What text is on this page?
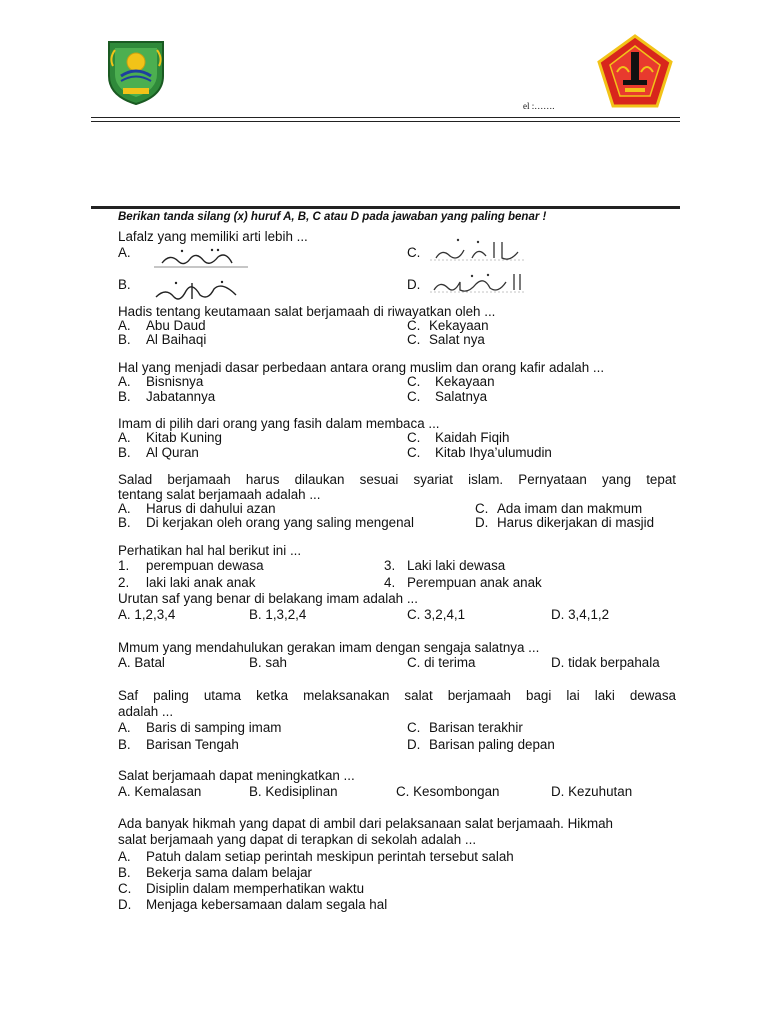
el :…….
Berikan tanda silang (x) huruf A, B, C atau D pada jawaban yang paling benar !
Lafalz yang memiliki arti lebih ...
A.
B.
C.
D.
Hadis tentang keutamaan salat berjamaah di riwayatkan oleh ...
A. Abu Daud
B. Al Baihaqi
C. Kekayaan
C. Salat nya
Hal yang menjadi dasar perbedaan antara orang muslim dan orang kafir adalah ...
A. Bisnisnya
B. Jabatannya
C. Kekayaan
C. Salatnya
Imam di pilih dari orang yang fasih dalam membaca ...
A. Kitab Kuning
B. Al Quran
C. Kaidah Fiqih
C. Kitab Ihya’ulumudin
Salad berjamaah harus dilaukan sesuai syariat islam. Pernyataan yang tepat
tentang salat berjamaah adalah ...
A. Harus di dahului azan
B. Di kerjakan oleh orang yang saling mengenal
C. Ada imam dan makmum
D. Harus dikerjakan di masjid
Perhatikan hal hal berikut ini ...
1. perempuan dewasa
2. laki laki anak anak
3. Laki laki dewasa
4. Perempuan anak anak
Urutan saf yang benar di belakang imam adalah ...
A. 1,2,3,4	B. 1,3,2,4	C. 3,2,4,1	D. 3,4,1,2
Mmum yang mendahulukan gerakan imam dengan sengaja salatnya ...
A. Batal	B. sah	C. di terima	D. tidak berpahala
Saf paling utama ketka melaksanakan salat berjamaah bagi lai laki dewasa
adalah ...
A. Baris di samping imam
B. Barisan Tengah
C. Barisan terakhir
D. Barisan paling depan
Salat berjamaah dapat meningkatkan ...
A. Kemalasan	B. Kedisiplinan	C. Kesombongan	D. Kezuhutan
Ada banyak hikmah yang dapat di ambil dari pelaksanaan salat berjamaah. Hikmah
salat berjamaah yang dapat di terapkan di sekolah adalah ...
A. Patuh dalam setiap perintah meskipun perintah tersebut salah
B. Bekerja sama dalam belajar
C. Disiplin dalam memperhatikan waktu
D. Menjaga kebersamaan dalam segala hal
